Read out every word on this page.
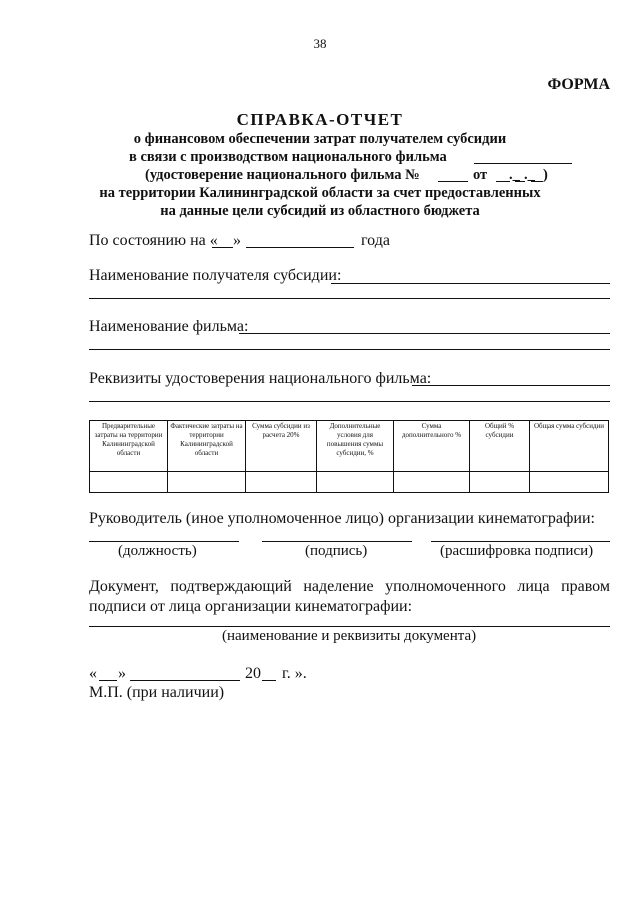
38
ФОРМА
СПРАВКА-ОТЧЕТ
о финансовом обеспечении затрат получателем субсидии
в связи с производством национального фильма
(удостоверение национального фильма №	от ._ ._ )
на территории Калининградской области за счет предоставленных
на данные цели субсидий из областного бюджета
По состоянию на « »	года
Наименование получателя субсидии:
Наименование фильма:
Реквизиты удостоверения национального фильма:
Предварительные затраты на территории Калининградской области	Фактические затраты на территории Калининградской области	Сумма субсидии из расчета 20%	Дополнительные условия для повышения суммы субсидии, %	Сумма дополнительного %	Общий % субсидии	Общая сумма субсидии

Руководитель (иное уполномоченное лицо) организации кинематографии:
(должность)	(подпись)	(расшифровка подписи)
Документ, подтверждающий наделение уполномоченного лица правом
подписи от лица организации кинематографии:
(наименование и реквизиты документа)
« »	20 г. ».
М.П. (при наличии)
